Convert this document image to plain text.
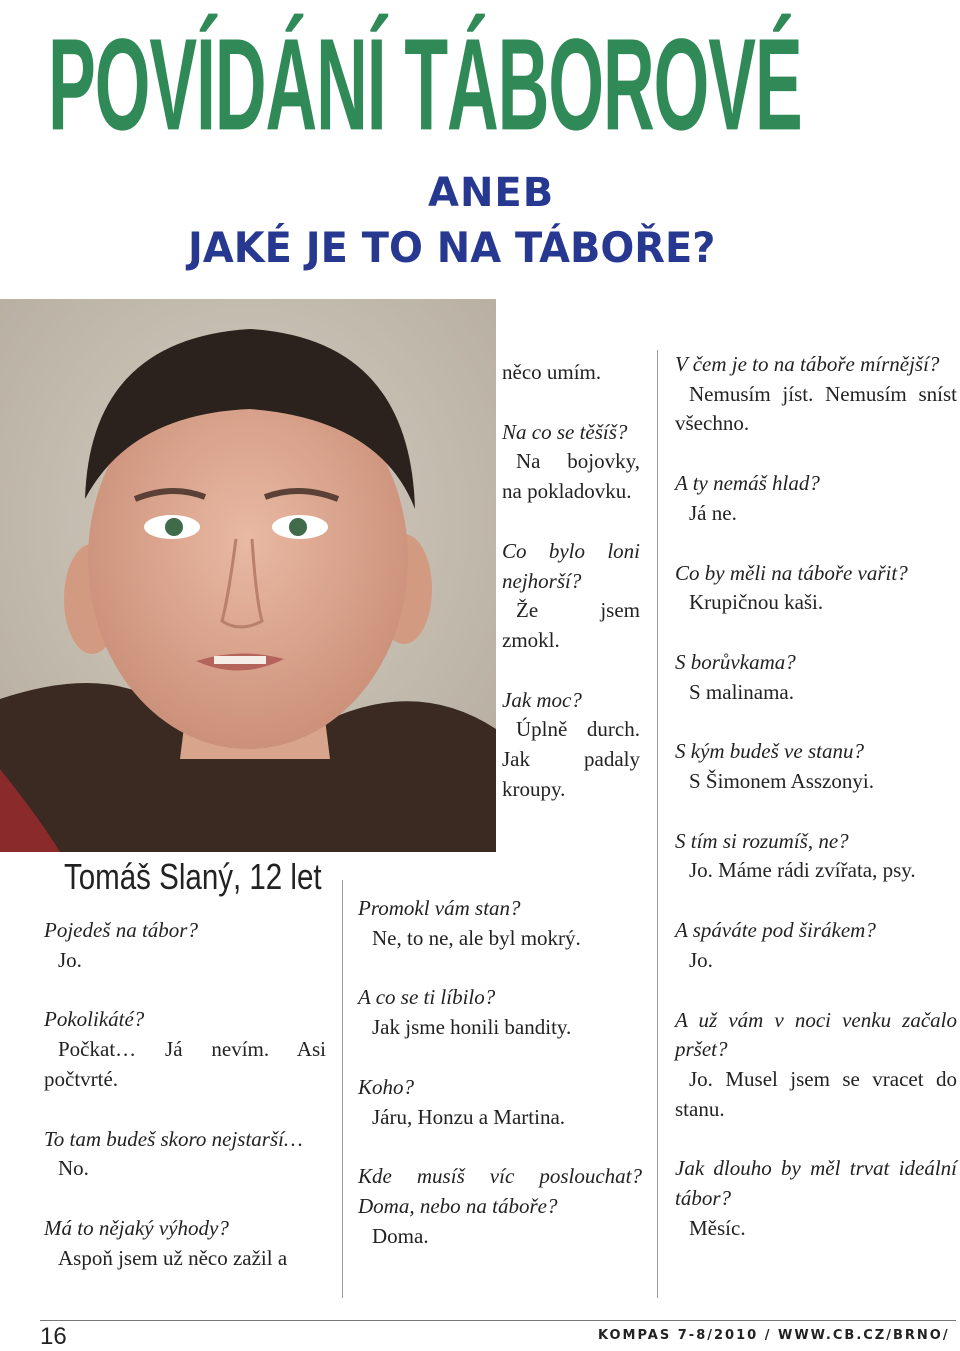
POVÍDÁNÍ TÁBOROVÉ
ANEB
JAKÉ JE TO NA TÁBOŘE?
Tomáš Slaný, 12 let
Pojedeš na tábor?
Jo.
Pokolikáté?
Počkat… Já nevím. Asi počtvrté.
To tam budeš skoro nejstarší…
No.
Má to nějaký výhody?
Aspoň jsem už něco zažil a
něco umím.
Na co se těšíš?
Na bojovky, na pokladovku.
Co bylo loni nejhorší?
Že jsem zmokl.
Jak moc?
Úplně durch. Jak padaly kroupy.
Promokl vám stan?
Ne, to ne, ale byl mokrý.
A co se ti líbilo?
Jak jsme honili bandity.
Koho?
Járu, Honzu a Martina.
Kde musíš víc poslouchat? Doma, nebo na táboře?
Doma.
V čem je to na táboře mírnější?
Nemusím jíst. Nemusím sníst všechno.
A ty nemáš hlad?
Já ne.
Co by měli na táboře vařit?
Krupičnou kaši.
S borůvkama?
S malinama.
S kým budeš ve stanu?
S Šimonem Asszonyi.
S tím si rozumíš, ne?
Jo. Máme rádi zvířata, psy.
A spáváte pod širákem?
Jo.
A už vám v noci venku začalo pršet?
Jo. Musel jsem se vracet do stanu.
Jak dlouho by měl trvat ideální tábor?
Měsíc.
16	KOMPAS 7-8/2010 / WWW.CB.CZ/BRNO/
